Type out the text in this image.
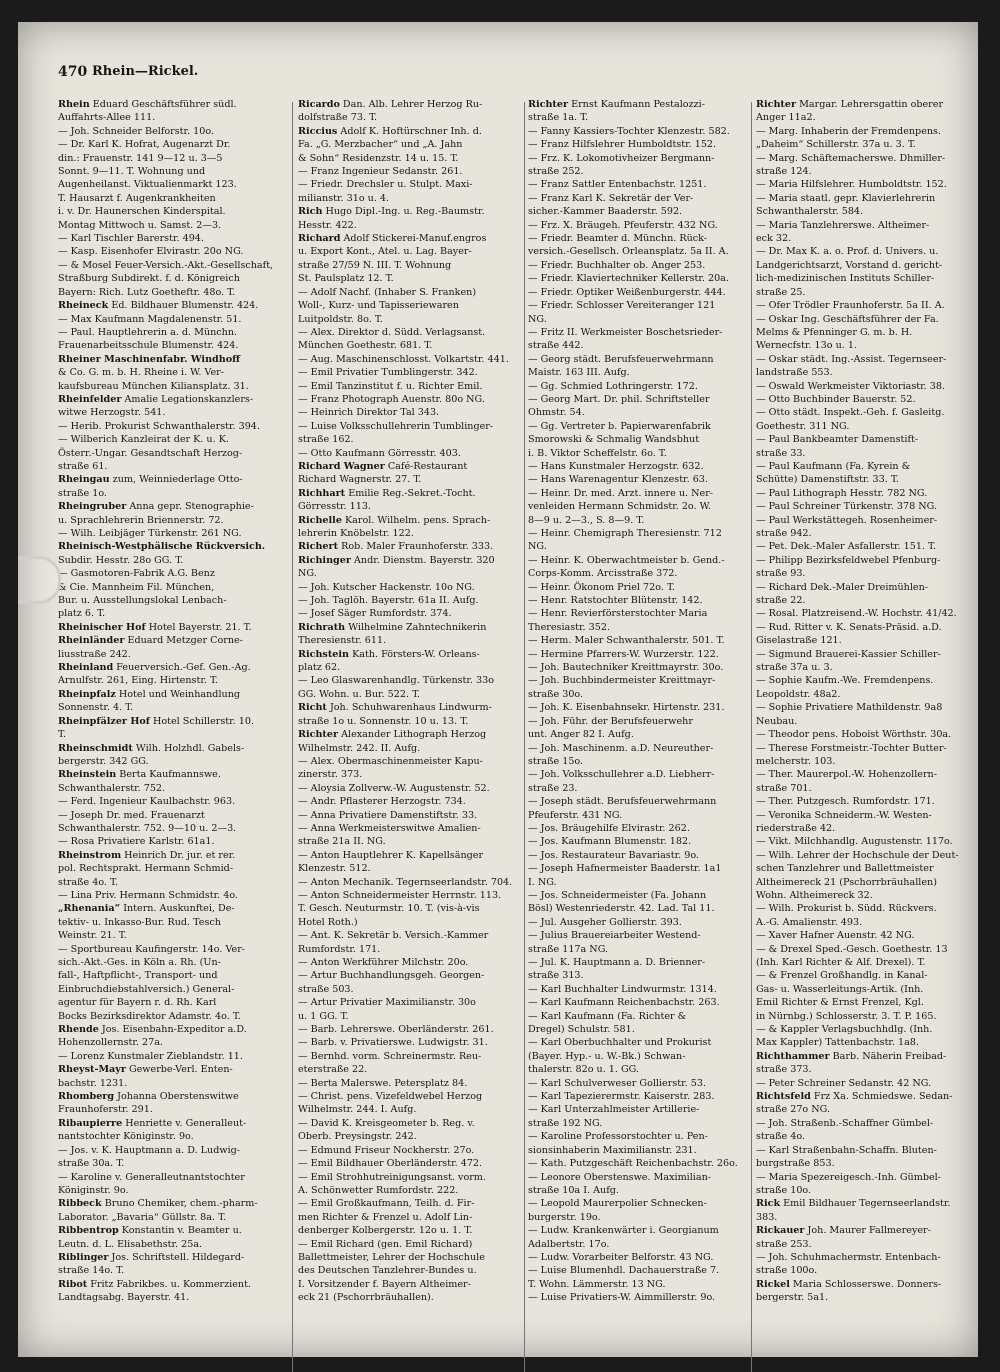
470 Rhein—Rickel.
Rhein Eduard Geschäftsführer südl.
Auffahrts-Allee 111.
— Joh. Schneider Belforstr. 10o.
— Dr. Karl K. Hofrat, Augenarzt Dr.
din.: Frauenstr. 141 9—12 u. 3—5
Sonnt. 9—11. T. Wohnung und
Augenheilanst. Viktualienmarkt 123.
T. Hausarzt f. Augenkrankheiten
i. v. Dr. Haunerschen Kinderspital.
Montag Mittwoch u. Samst. 2—3.
— Karl Tischler Barerstr. 494.
— Kasp. Eisenhofer Elvirastr. 20o NG.
— & Mosel Feuer-Versich.-Akt.-Gesellschaft,
Straßburg Subdirekt. f. d. Königreich
Bayern: Rich. Lutz Goetheftr. 48o. T.
Rheineck Ed. Bildhauer Blumenstr. 424.
— Max Kaufmann Magdalenenstr. 51.
— Paul. Hauptlehrerin a. d. Münchn.
Frauenarbeitsschule Blumenstr. 424.
Rheiner Maschinenfabr. Windhoff
& Co. G. m. b. H. Rheine i. W. Ver-
kaufsbureau München Kiliansplatz. 31.
Rheinfelder Amalie Legationskanzlers-
witwe Herzogstr. 541.
— Herib. Prokurist Schwanthalerstr. 394.
— Wilberich Kanzleirat der K. u. K.
Österr.-Ungar. Gesandtschaft Herzog-
straße 61.
Rheingau zum, Weinniederlage Otto-
straße 1o.
Rheingruber Anna gepr. Stenographie-
u. Sprachlehrerin Briennerstr. 72.
— Wilh. Leibjäger Türkenstr. 261 NG.
Rheinisch-Westphälische Rückversich.
Subdir. Hesstr. 28o GG. T.
— Gasmotoren-Fabrik A.G. Benz
& Cie. Mannheim Fil. München,
Bur. u. Ausstellungslokal Lenbach-
platz 6. T.
Rheinischer Hof Hotel Bayerstr. 21. T.
Rheinländer Eduard Metzger Corne-
liusstraße 242.
Rheinland Feuerversich.-Gef. Gen.-Ag.
Arnulfstr. 261, Eing. Hirtenstr. T.
Rheinpfalz Hotel und Weinhandlung
Sonnenstr. 4. T.
Rheinpfälzer Hof Hotel Schillerstr. 10.
T.
Rheinschmidt Wilh. Holzhdl. Gabels-
bergerstr. 342 GG.
Rheinstein Berta Kaufmannswe.
Schwanthalerstr. 752.
— Ferd. Ingenieur Kaulbachstr. 963.
— Joseph Dr. med. Frauenarzt
Schwanthalerstr. 752. 9—10 u. 2—3.
— Rosa Privatiere Karlstr. 61a1.
Rheinstrom Heinrich Dr. jur. et rer.
pol. Rechtsprakt. Hermann Schmid-
straße 4o. T.
— Lina Priv. Hermann Schmidstr. 4o.
„Rhenania“ Intern. Auskunftei, De-
tektiv- u. Inkasso-Bur. Rud. Tesch
Weinstr. 21. T.
— Sportbureau Kaufingerstr. 14o. Ver-
sich.-Akt.-Ges. in Köln a. Rh. (Un-
fall-, Haftpflicht-, Transport- und
Einbruchdiebstahlversich.) General-
agentur für Bayern r. d. Rh. Karl
Bocks Bezirksdirektor Adamstr. 4o. T.
Rhende Jos. Eisenbahn-Expeditor a.D.
Hohenzollernstr. 27a.
— Lorenz Kunstmaler Zieblandstr. 11.
Rheyst-Mayr Gewerbe-Verl. Enten-
bachstr. 1231.
Rhomberg Johanna Oberstenswitwe
Fraunhoferstr. 291.
Ribaupierre Henriette v. Generalleut-
nantstochter Königinstr. 9o.
— Jos. v. K. Hauptmann a. D. Ludwig-
straße 30a. T.
— Karoline v. Generalleutnantstochter
Königinstr. 9o.
Ribbeck Bruno Chemiker, chem.-pharm-
Laborator. „Bavaria“ Güllstr. 8a. T.
Ribbentrop Konstantin v. Beamter u.
Leutn. d. L. Elisabethstr. 25a.
Riblinger Jos. Schriftstell. Hildegard-
straße 14o. T.
Ribot Fritz Fabrikbes. u. Kommerzient.
Landtagsabg. Bayerstr. 41.
Ricardo Dan. Alb. Lehrer Herzog Ru-
dolfstraße 73. T.
Riccius Adolf K. Hoftürschner Inh. d.
Fa. „G. Merzbacher“ und „A. Jahn
& Sohn“ Residenzstr. 14 u. 15. T.
— Franz Ingenieur Sedanstr. 261.
— Friedr. Drechsler u. Stulpt. Maxi-
milianstr. 31o u. 4.
Rich Hugo Dipl.-Ing. u. Reg.-Baumstr.
Hesstr. 422.
Richard Adolf Stickerei-Manuf.engros
u. Export Kont., Atel. u. Lag. Bayer-
straße 27/59 N. III. T. Wohnung
St. Paulsplatz 12. T.
— Adolf Nachf. (Inhaber S. Franken)
Woll-, Kurz- und Tapisseriewaren
Luitpoldstr. 8o. T.
— Alex. Direktor d. Südd. Verlagsanst.
München Goethestr. 681. T.
— Aug. Maschinenschlosst. Volkartstr. 441.
— Emil Privatier Tumblingerstr. 342.
— Emil Tanzinstitut f. u. Richter Emil.
— Franz Photograph Auenstr. 80o NG.
— Heinrich Direktor Tal 343.
— Luise Volksschullehrerin Tumblinger-
straße 162.
— Otto Kaufmann Görresstr. 403.
Richard Wagner Café-Restaurant
Richard Wagnerstr. 27. T.
Richhart Emilie Reg.-Sekret.-Tocht.
Görresstr. 113.
Richelle Karol. Wilhelm. pens. Sprach-
lehrerin Knöbelstr. 122.
Richert Rob. Maler Fraunhoferstr. 333.
Richinger Andr. Dienstm. Bayerstr. 320
NG.
— Joh. Kutscher Hackenstr. 10o NG.
— Joh. Taglöh. Bayerstr. 61a II. Aufg.
— Josef Säger Rumfordstr. 374.
Richrath Wilhelmine Zahntechnikerin
Theresienstr. 611.
Richstein Kath. Försters-W. Orleans-
platz 62.
— Leo Glaswarenhandlg. Türkenstr. 33o
GG. Wohn. u. Bur. 522. T.
Richt Joh. Schuhwarenhaus Lindwurm-
straße 1o u. Sonnenstr. 10 u. 13. T.
Richter Alexander Lithograph Herzog
Wilhelmstr. 242. II. Aufg.
— Alex. Obermaschinenmeister Kapu-
zinerstr. 373.
— Aloysia Zollverw.-W. Augustenstr. 52.
— Andr. Pflasterer Herzogstr. 734.
— Anna Privatiere Damenstiftstr. 33.
— Anna Werkmeisterswitwe Amalien-
straße 21a II. NG.
— Anton Hauptlehrer K. Kapellsänger
Klenzestr. 512.
— Anton Mechanik. Tegernseerlandstr. 704.
— Anton Schneidermeister Herrnstr. 113.
T. Gesch. Neuturmstr. 10. T. (vis-à-vis
Hotel Roth.)
— Ant. K. Sekretär b. Versich.-Kammer
Rumfordstr. 171.
— Anton Werkführer Milchstr. 20o.
— Artur Buchhandlungsgeh. Georgen-
straße 503.
— Artur Privatier Maximilianstr. 30o
u. 1 GG. T.
— Barb. Lehrerswe. Oberländerstr. 261.
— Barb. v. Privatierswe. Ludwigstr. 31.
— Bernhd. vorm. Schreinermstr. Reu-
eterstraße 22.
— Berta Malerswe. Petersplatz 84.
— Christ. pens. Vizefeldwebel Herzog
Wilhelmstr. 244. I. Aufg.
— David K. Kreisgeometer b. Reg. v.
Oberb. Preysingstr. 242.
— Edmund Friseur Nockherstr. 27o.
— Emil Bildhauer Oberländerstr. 472.
— Emil Strohhutreinigungsanst. vorm.
A. Schönwetter Rumfordstr. 222.
— Emil Großkaufmann, Teilh. d. Fir-
men Richter & Frenzel u. Adolf Lin-
denberger Kolbergerstr. 12o u. 1. T.
— Emil Richard (gen. Emil Richard)
Ballettmeister, Lehrer der Hochschule
des Deutschen Tanzlehrer-Bundes u.
I. Vorsitzender f. Bayern Altheimer-
eck 21 (Pschorrbräuhallen).
Richter Ernst Kaufmann Pestalozzi-
straße 1a. T.
— Fanny Kassiers-Tochter Klenzestr. 582.
— Franz Hilfslehrer Humboldtstr. 152.
— Frz. K. Lokomotivheizer Bergmann-
straße 252.
— Franz Sattler Entenbachstr. 1251.
— Franz Karl K. Sekretär der Ver-
sicher.-Kammer Baaderstr. 592.
— Frz. X. Bräugeh. Pfeuferstr. 432 NG.
— Friedr. Beamter d. Münchn. Rück-
versich.-Gesellsch. Orleansplatz. 5a II. A.
— Friedr. Buchhalter ob. Anger 253.
— Friedr. Klaviertechniker Kellerstr. 20a.
— Friedr. Optiker Weißenburgerstr. 444.
— Friedr. Schlosser Vereiteranger 121
NG.
— Fritz II. Werkmeister Boschetsrieder-
straße 442.
— Georg städt. Berufsfeuerwehrmann
Maistr. 163 III. Aufg.
— Gg. Schmied Lothringerstr. 172.
— Georg Mart. Dr. phil. Schriftsteller
Ohmstr. 54.
— Gg. Vertreter b. Papierwarenfabrik
Smorowski & Schmalig Wandsbhut
i. B. Viktor Scheffelstr. 6o. T.
— Hans Kunstmaler Herzogstr. 632.
— Hans Warenagentur Klenzestr. 63.
— Heinr. Dr. med. Arzt. innere u. Ner-
venleiden Hermann Schmidstr. 2o. W.
8—9 u. 2—3., S. 8—9. T.
— Heinr. Chemigraph Theresienstr. 712
NG.
— Heinr. K. Oberwachtmeister b. Gend.-
Corps-Komm. Arcisstraße 372.
— Heinr. Ökonom Priel 72o. T.
— Henr. Ratstochter Blütenstr. 142.
— Henr. Revierförsterstochter Maria
Theresiastr. 352.
— Herm. Maler Schwanthalerstr. 501. T.
— Hermine Pfarrers-W. Wurzerstr. 122.
— Joh. Bautechniker Kreittmayrstr. 30o.
— Joh. Buchbindermeister Kreittmayr-
straße 30o.
— Joh. K. Eisenbahnsekr. Hirtenstr. 231.
— Joh. Führ. der Berufsfeuerwehr
unt. Anger 82 I. Aufg.
— Joh. Maschinenm. a.D. Neureuther-
straße 15o.
— Joh. Volksschullehrer a.D. Liebherr-
straße 23.
— Joseph städt. Berufsfeuerwehrmann
Pfeuferstr. 431 NG.
— Jos. Bräugehilfe Elvirastr. 262.
— Jos. Kaufmann Blumenstr. 182.
— Jos. Restaurateur Bavariastr. 9o.
— Joseph Hafnermeister Baaderstr. 1a1
I. NG.
— Jos. Schneidermeister (Fa. Johann
Bösl) Westenriederstr. 42. Lad. Tal 11.
— Jul. Ausgeher Gollierstr. 393.
— Julius Brauereiarbeiter Westend-
straße 117a NG.
— Jul. K. Hauptmann a. D. Brienner-
straße 313.
— Karl Buchhalter Lindwurmstr. 1314.
— Karl Kaufmann Reichenbachstr. 263.
— Karl Kaufmann (Fa. Richter &
Dregel) Schulstr. 581.
— Karl Oberbuchhalter und Prokurist
(Bayer. Hyp.- u. W.-Bk.) Schwan-
thalerstr. 82o u. 1. GG.
— Karl Schulverweser Gollierstr. 53.
— Karl Tapezierermstr. Kaiserstr. 283.
— Karl Unterzahlmeister Artillerie-
straße 192 NG.
— Karoline Professorstochter u. Pen-
sionsinhaberin Maximilianstr. 231.
— Kath. Putzgeschäft Reichenbachstr. 26o.
— Leonore Oberstenswe. Maximilian-
straße 10a I. Aufg.
— Leopold Maurerpolier Schnecken-
burgerstr. 19o.
— Ludw. Krankenwärter i. Georgianum
Adalbertstr. 17o.
— Ludw. Vorarbeiter Belforstr. 43 NG.
— Luise Blumenhdl. Dachauerstraße 7.
T. Wohn. Lämmerstr. 13 NG.
— Luise Privatiers-W. Aimmillerstr. 9o.
Richter Margar. Lehrersgattin oberer
Anger 11a2.
— Marg. Inhaberin der Fremdenpens.
„Daheim“ Schillerstr. 37a u. 3. T.
— Marg. Schäftemacherswe. Dhmiller-
straße 124.
— Maria Hilfslehrer. Humboldtstr. 152.
— Maria staatl. gepr. Klavierlehrerin
Schwanthalerstr. 584.
— Maria Tanzlehrerswe. Altheimer-
eck 32.
— Dr. Max K. a. o. Prof. d. Univers. u.
Landgerichtsarzt, Vorstand d. gericht-
lich-medizinischen Instituts Schiller-
straße 25.
— Ofer Trödler Fraunhoferstr. 5a II. A.
— Oskar Ing. Geschäftsführer der Fa.
Melms & Pfenninger G. m. b. H.
Wernecfstr. 13o u. 1.
— Oskar städt. Ing.-Assist. Tegernseer-
landstraße 553.
— Oswald Werkmeister Viktoriastr. 38.
— Otto Buchbinder Bauerstr. 52.
— Otto städt. Inspekt.-Geh. f. Gasleitg.
Goethestr. 311 NG.
— Paul Bankbeamter Damenstift-
straße 33.
— Paul Kaufmann (Fa. Kyrein &
Schütte) Damenstiftstr. 33. T.
— Paul Lithograph Hesstr. 782 NG.
— Paul Schreiner Türkenstr. 378 NG.
— Paul Werkstättegeh. Rosenheimer-
straße 942.
— Pet. Dek.-Maler Asfallerstr. 151. T.
— Philipp Bezirksfeldwebel Pfenburg-
straße 93.
— Richard Dek.-Maler Dreimühlen-
straße 22.
— Rosal. Platzreisend.-W. Hochstr. 41/42.
— Rud. Ritter v. K. Senats-Präsid. a.D.
Giselastraße 121.
— Sigmund Brauerei-Kassier Schiller-
straße 37a u. 3.
— Sophie Kaufm.-We. Fremdenpens.
Leopoldstr. 48a2.
— Sophie Privatiere Mathildenstr. 9a8
Neubau.
— Theodor pens. Hoboist Wörthstr. 30a.
— Therese Forstmeistr.-Tochter Butter-
melcherstr. 103.
— Ther. Maurerpol.-W. Hohenzollern-
straße 701.
— Ther. Putzgesch. Rumfordstr. 171.
— Veronika Schneiderm.-W. Westen-
riederstraße 42.
— Vikt. Milchhandlg. Augustenstr. 117o.
— Wilh. Lehrer der Hochschule der Deut-
schen Tanzlehrer und Ballettmeister
Altheimereck 21 (Pschorrbräuhallen)
Wohn. Altheimereck 32.
— Wilh. Prokurist b. Südd. Rückvers.
A.-G. Amalienstr. 493.
— Xaver Hafner Auenstr. 42 NG.
— & Drexel Sped.-Gesch. Goethestr. 13
(Inh. Karl Richter & Alf. Drexel). T.
— & Frenzel Großhandlg. in Kanal-
Gas- u. Wasserleitungs-Artik. (Inh.
Emil Richter & Ernst Frenzel, Kgl.
in Nürnbg.) Schlosserstr. 3. T. P. 165.
— & Kappler Verlagsbuchhdlg. (Inh.
Max Kappler) Tattenbachstr. 1a8.
Richthammer Barb. Näherin Freibad-
straße 373.
— Peter Schreiner Sedanstr. 42 NG.
Richtsfeld Frz Xa. Schmiedswe. Sedan-
straße 27o NG.
— Joh. Straßenb.-Schaffner Gümbel-
straße 4o.
— Karl Straßenbahn-Schaffn. Bluten-
burgstraße 853.
— Maria Spezereigesch.-Inh. Gümbel-
straße 10o.
Rick Emil Bildhauer Tegernseerlandstr.
383.
Rickauer Joh. Maurer Fallmereyer-
straße 253.
— Joh. Schuhmachermstr. Entenbach-
straße 100o.
Rickel Maria Schlosserswe. Donners-
bergerstr. 5a1.
